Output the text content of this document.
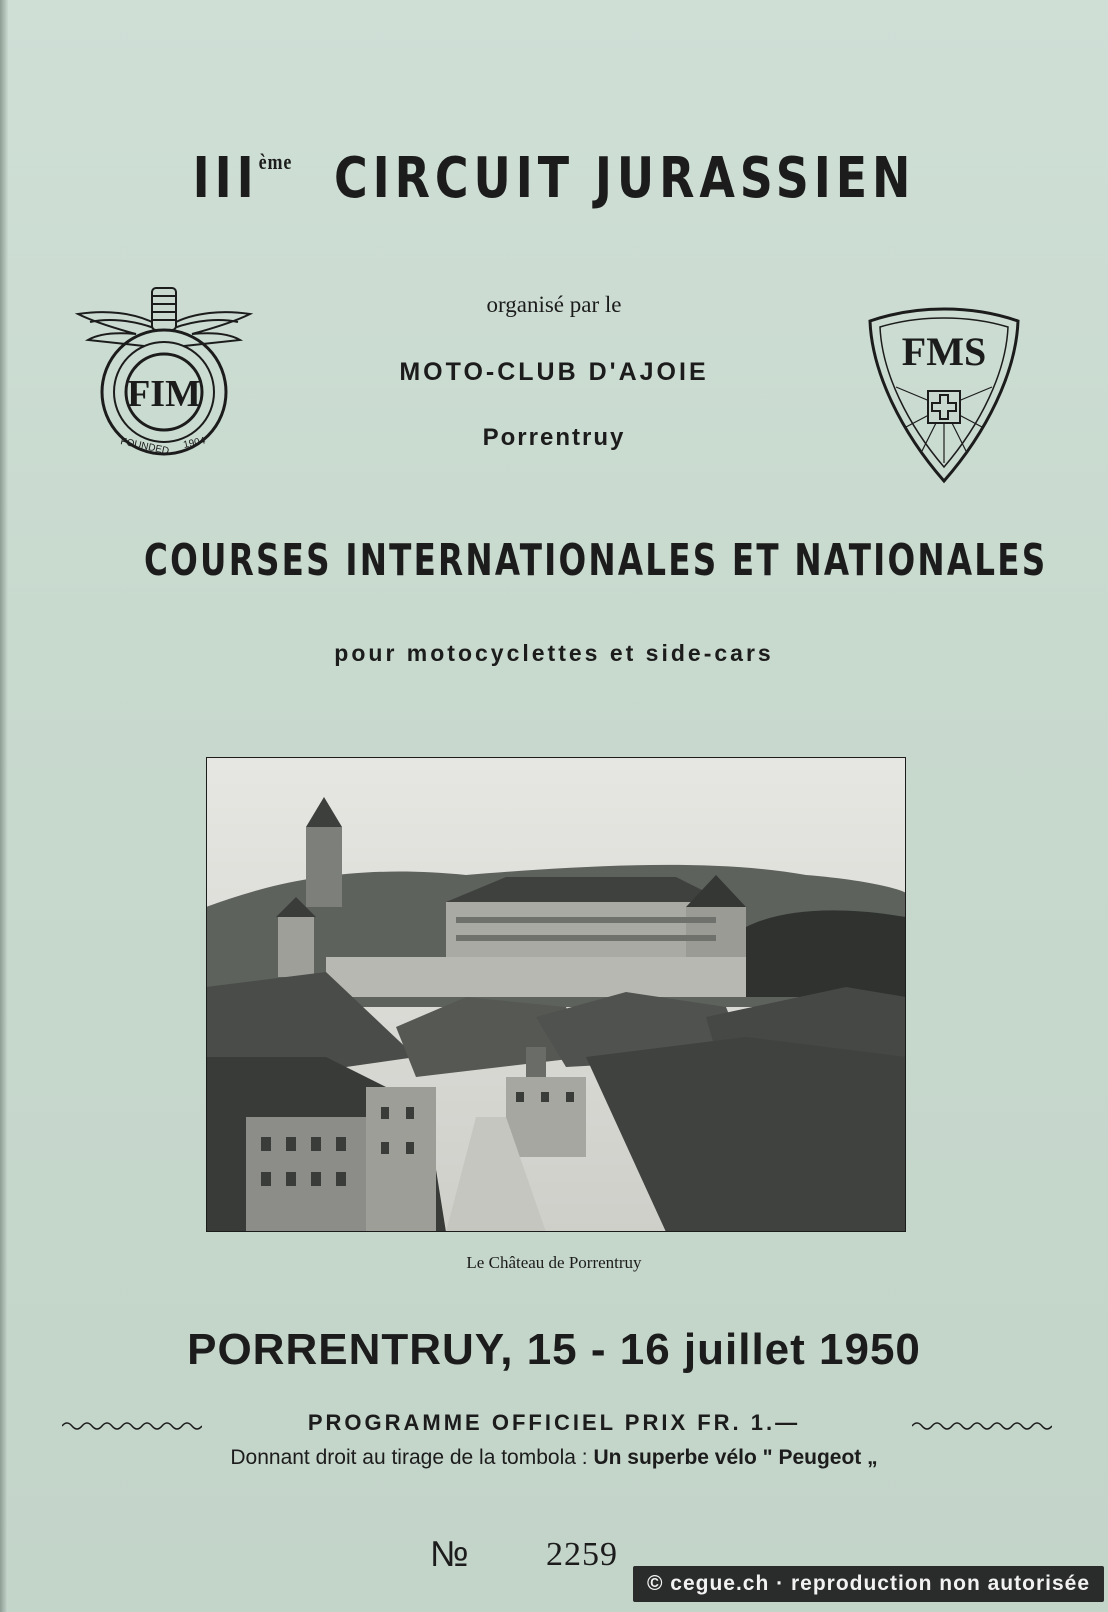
IIIème CIRCUIT JURASSIEN
FIM
FOUNDED 1904
organisé par le
MOTO-CLUB D'AJOIE
Porrentruy
FMS
COURSES INTERNATIONALES ET NATIONALES
pour motocyclettes et side-cars
Le Château de Porrentruy
PORRENTRUY, 15 - 16 juillet 1950
PROGRAMME OFFICIEL PRIX FR. 1.—
Donnant droit au tirage de la tombola : Un superbe vélo " Peugeot „
№ 2259
© cegue.ch · reproduction non autorisée
